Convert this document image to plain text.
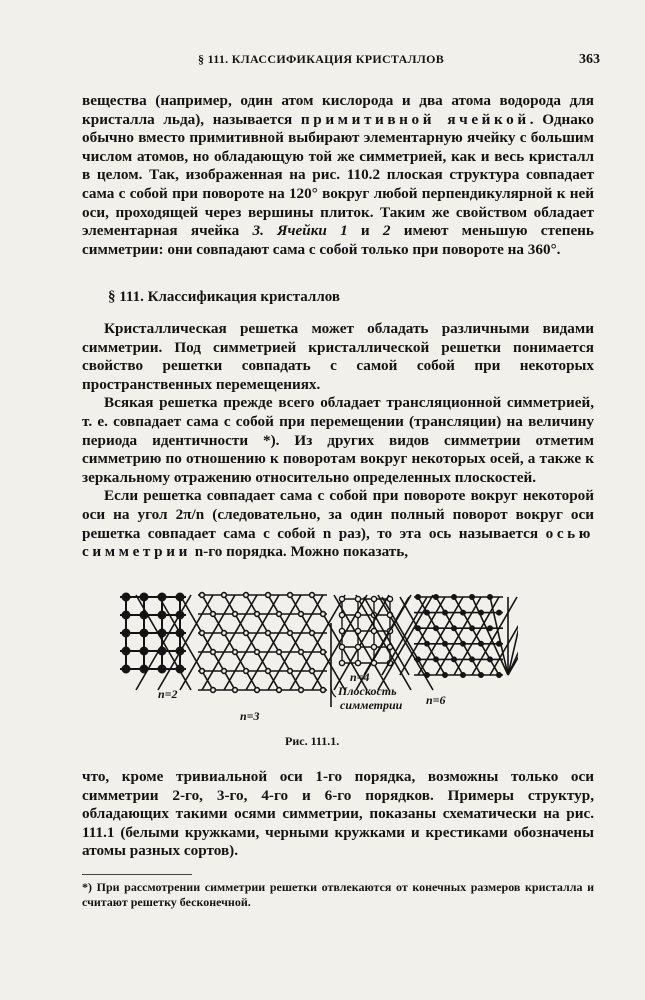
§ 111. КЛАССИФИКАЦИЯ КРИСТАЛЛОВ	363

вещества (например, один атом кислорода и два атома водорода для кристалла льда), называется примитивной ячейкой. Однако обычно вместо примитивной выбирают элементарную ячейку с большим числом атомов, но обладающую той же симметрией, как и весь кристалл в целом. Так, изображенная на рис. 110.2 плоская структура совпадает сама с собой при повороте на 120° вокруг любой перпендикулярной к ней оси, проходящей через вершины плиток. Таким же свойством обладает элементарная ячейка 3. Ячейки 1 и 2 имеют меньшую степень симметрии: они совпадают сама с собой только при повороте на 360°.

§ 111. Классификация кристаллов

Кристаллическая решетка может обладать различными видами симметрии. Под симметрией кристаллической решетки понимается свойство решетки совпадать с самой собой при некоторых пространственных перемещениях.

Всякая решетка прежде всего обладает трансляционной симметрией, т. е. совпадает сама с собой при перемещении (трансляции) на величину периода идентичности *). Из других видов симметрии отметим симметрию по отношению к поворотам вокруг некоторых осей, а также к зеркальному отражению относительно определенных плоскостей.

Если решетка совпадает сама с собой при повороте вокруг некоторой оси на угол 2π/n (следовательно, за один полный поворот вокруг оси решетка совпадает сама с собой n раз), то эта ось называется осью симметрии n-го порядка. Можно показать,

n=2
n=3
n=4
n=6
Плоскость
симметрии
Рис. 111.1.

что, кроме тривиальной оси 1-го порядка, возможны только оси симметрии 2-го, 3-го, 4-го и 6-го порядков. Примеры структур, обладающих такими осями симметрии, показаны схематически на рис. 111.1 (белыми кружками, черными кружками и крестиками обозначены атомы разных сортов).

*) При рассмотрении симметрии решетки отвлекаются от конечных размеров кристалла и считают решетку бесконечной.
